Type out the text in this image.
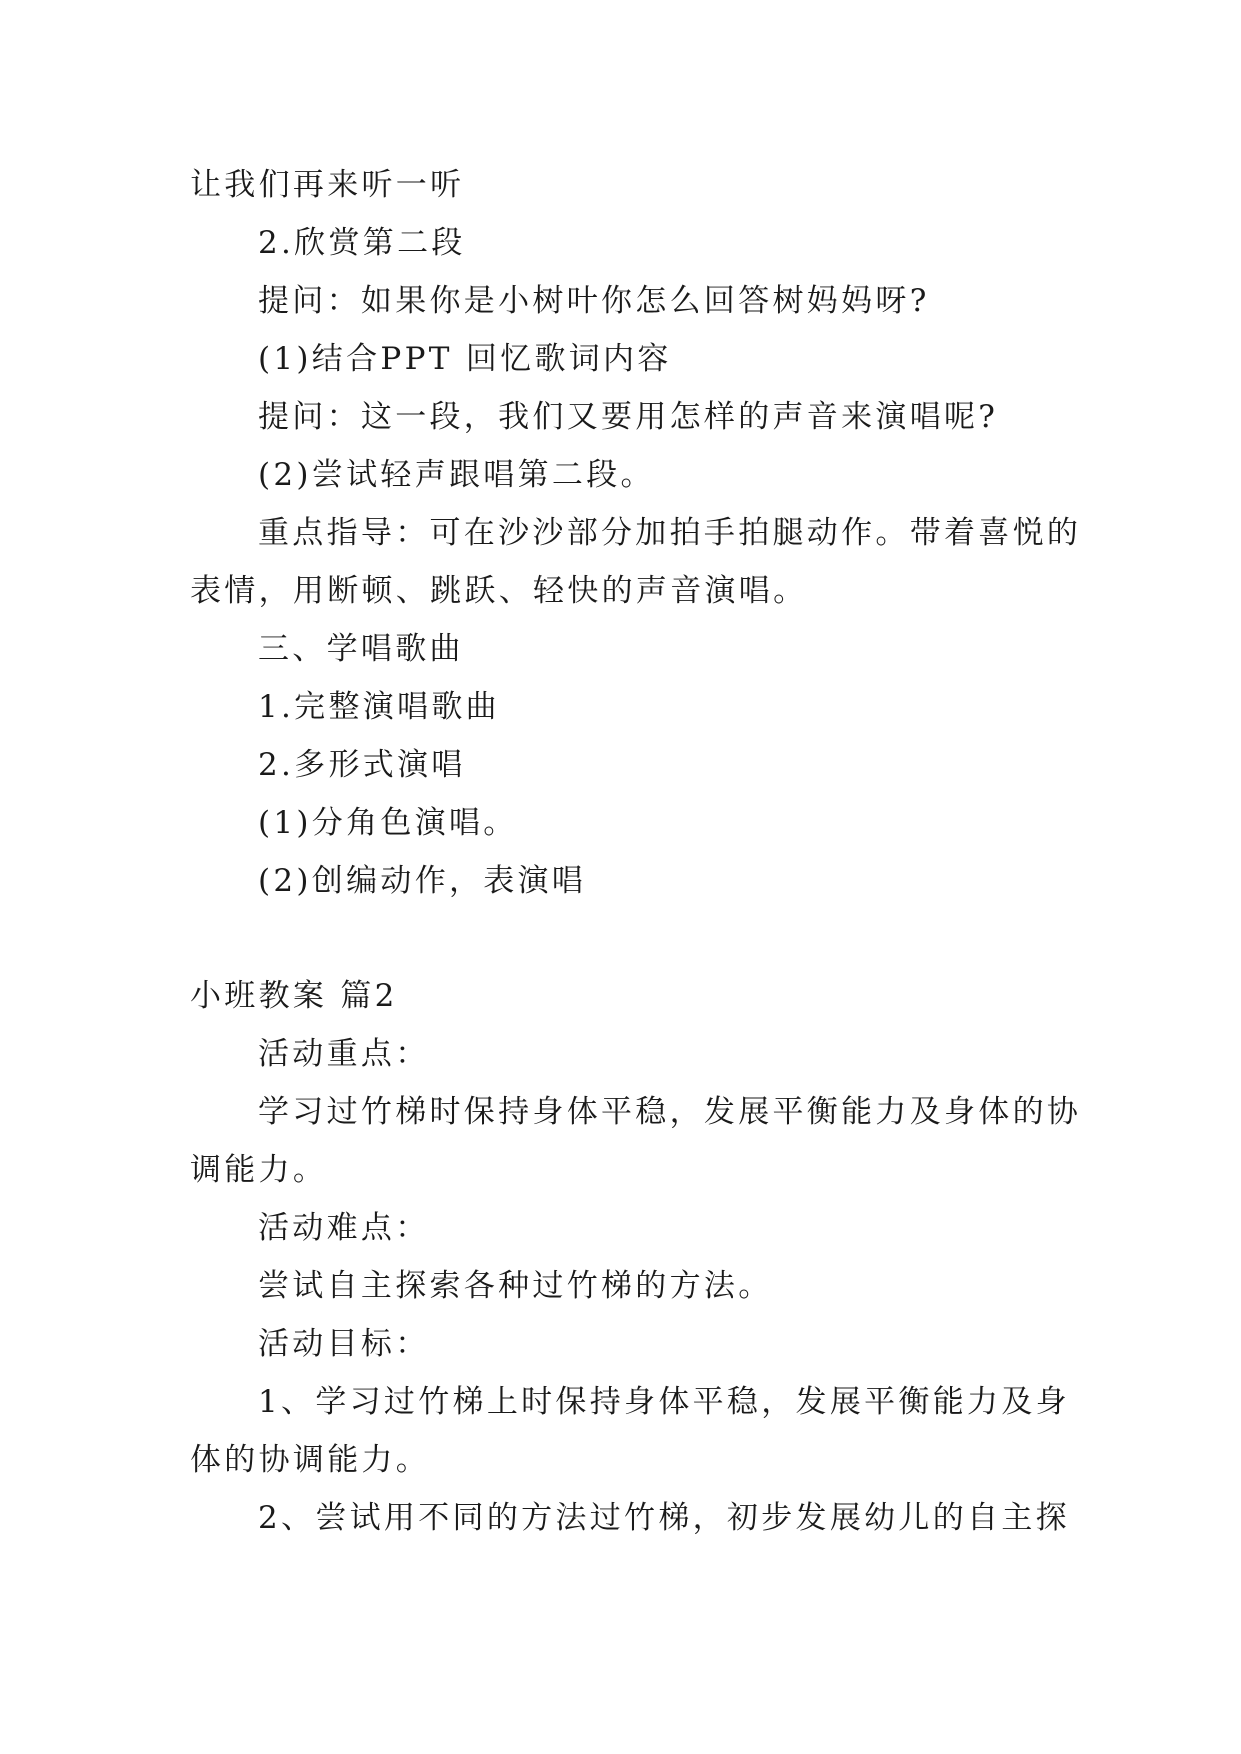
让我们再来听一听
2.欣赏第二段
提问：如果你是小树叶你怎么回答树妈妈呀?
(1)结合PPT 回忆歌词内容
提问：这一段，我们又要用怎样的声音来演唱呢?
(2)尝试轻声跟唱第二段。
重点指导：可在沙沙部分加拍手拍腿动作。带着喜悦的
表情，用断顿、跳跃、轻快的声音演唱。
三、学唱歌曲
1.完整演唱歌曲
2.多形式演唱
(1)分角色演唱。
(2)创编动作，表演唱
小班教案 篇2
活动重点：
学习过竹梯时保持身体平稳，发展平衡能力及身体的协
调能力。
活动难点：
尝试自主探索各种过竹梯的方法。
活动目标：
1、学习过竹梯上时保持身体平稳，发展平衡能力及身
体的协调能力。
2、尝试用不同的方法过竹梯，初步发展幼儿的自主探
